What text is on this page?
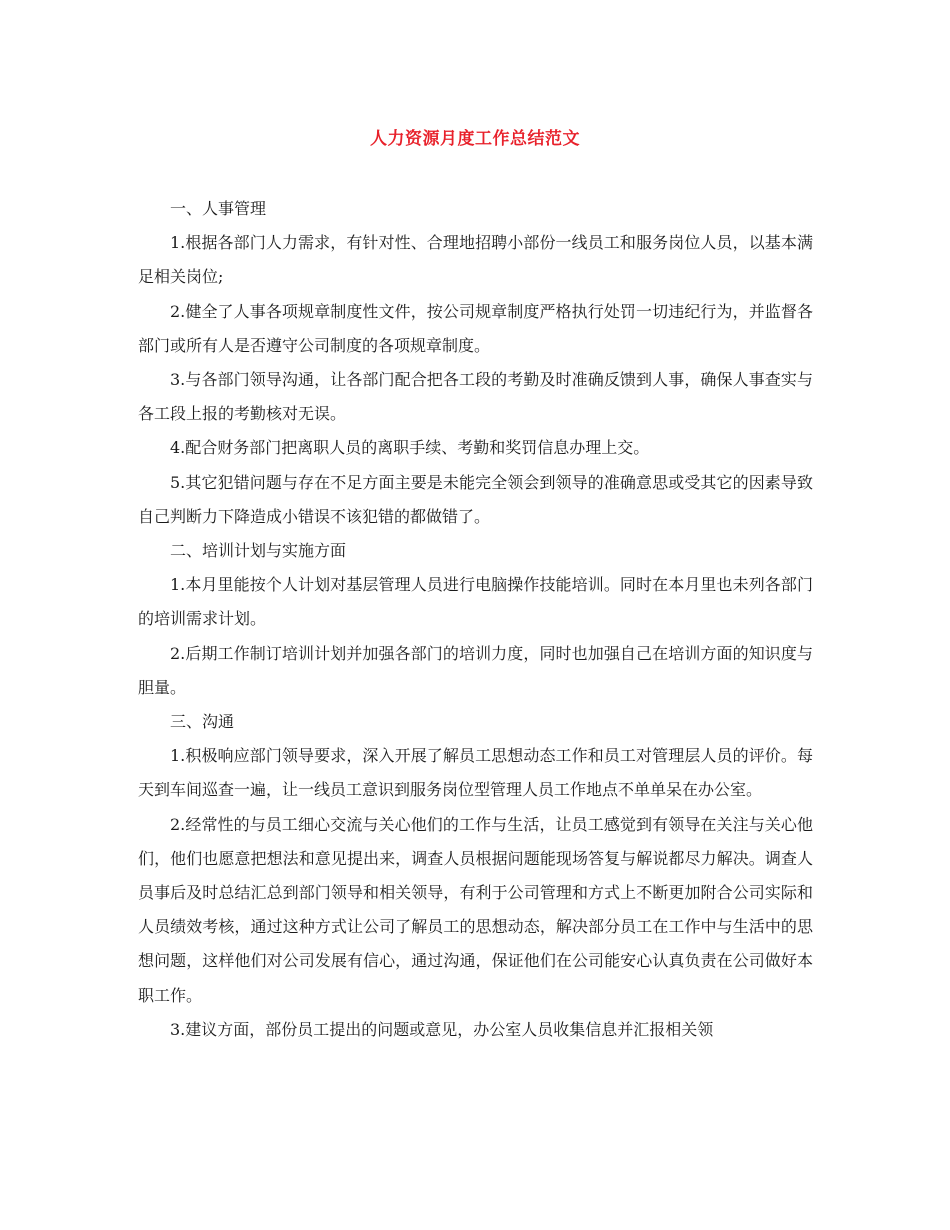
人力资源月度工作总结范文

一、人事管理

1.根据各部门人力需求，有针对性、合理地招聘小部份一线员工和服务岗位人员，以基本满足相关岗位;

2.健全了人事各项规章制度性文件，按公司规章制度严格执行处罚一切违纪行为，并监督各部门或所有人是否遵守公司制度的各项规章制度。

3.与各部门领导沟通，让各部门配合把各工段的考勤及时准确反馈到人事，确保人事查实与各工段上报的考勤核对无误。

4.配合财务部门把离职人员的离职手续、考勤和奖罚信息办理上交。

5.其它犯错问题与存在不足方面主要是未能完全领会到领导的准确意思或受其它的因素导致自己判断力下降造成小错误不该犯错的都做错了。

二、培训计划与实施方面

1.本月里能按个人计划对基层管理人员进行电脑操作技能培训。同时在本月里也未列各部门的培训需求计划。

2.后期工作制订培训计划并加强各部门的培训力度，同时也加强自己在培训方面的知识度与胆量。

三、沟通

1.积极响应部门领导要求，深入开展了解员工思想动态工作和员工对管理层人员的评价。每天到车间巡查一遍，让一线员工意识到服务岗位型管理人员工作地点不单单呆在办公室。

2.经常性的与员工细心交流与关心他们的工作与生活，让员工感觉到有领导在关注与关心他们，他们也愿意把想法和意见提出来，调查人员根据问题能现场答复与解说都尽力解决。调查人员事后及时总结汇总到部门领导和相关领导，有利于公司管理和方式上不断更加附合公司实际和人员绩效考核，通过这种方式让公司了解员工的思想动态，解决部分员工在工作中与生活中的思想问题，这样他们对公司发展有信心，通过沟通，保证他们在公司能安心认真负责在公司做好本职工作。

3.建议方面，部份员工提出的问题或意见，办公室人员收集信息并汇报相关领
